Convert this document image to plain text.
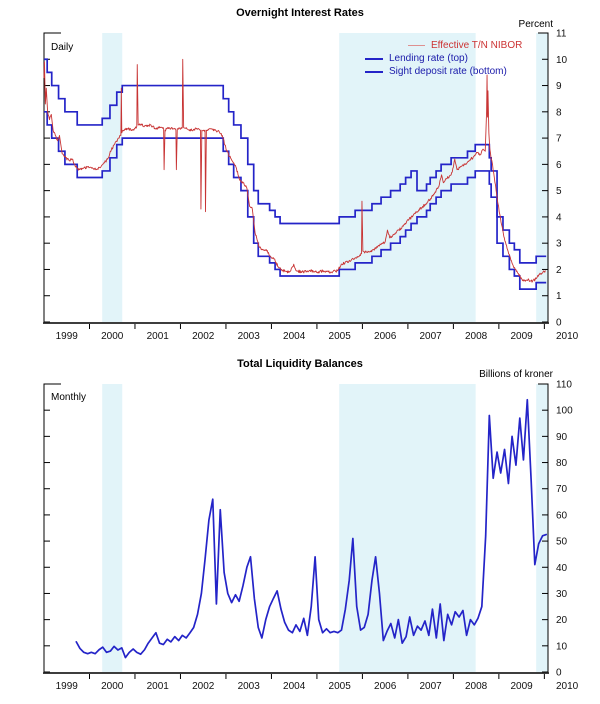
0
1
2
3
4
5
6
7
8
9
10
11
1999 2000 2001 2002 2003 2004 2005 2006 2007 2008 2009 2010
0
10
20
30
40
50
60
70
80
90
100
110
1999 2000 2001 2002 2003 2004 2005 2006 2007 2008 2009 2010
Overnight Interest Rates
Percent
Daily	Effective T/N NIBOR
Lending rate (top)
Sight deposit rate (bottom)
Total Liquidity Balances
Billions of kroner
Monthly
